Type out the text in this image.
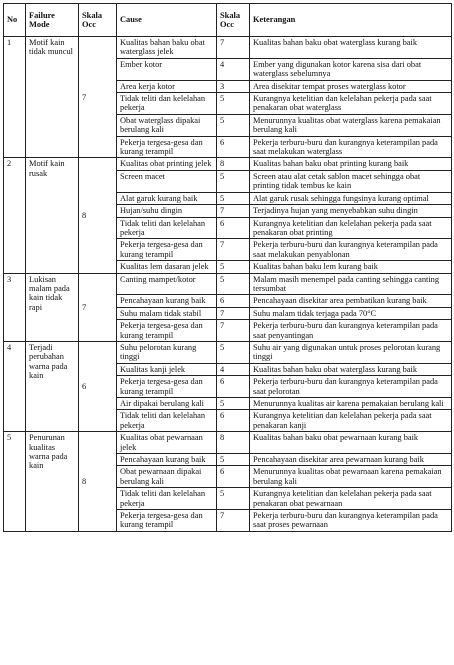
No	Failure Mode	Skala Occ	Cause	Skala Occ	Keterangan
1	Motif kain tidak muncul	7	Kualitas bahan baku obat waterglass jelek	7	Kualitas bahan baku obat waterglass kurang baik
			Ember kotor	4	Ember yang digunakan kotor karena sisa dari obat waterglass sebelumnya
			Area kerja kotor	3	Area disekitar tempat proses waterglass kotor
			Tidak teliti dan kelelahan pekerja	5	Kurangnya ketelitian dan kelelahan pekerja pada saat penakaran obat waterglass
			Obat waterglass dipakai berulang kali	5	Menurunnya kualitas obat waterglass karena pemakaian berulang kali
			Pekerja tergesa-gesa dan kurang terampil	6	Pekerja terburu-buru dan kurangnya keterampilan pada saat melakukan waterglass
2	Motif kain rusak	8	Kualitas obat printing jelek	8	Kualitas bahan baku obat printing kurang baik
			Screen macet	5	Screen atau alat cetak sablon macet sehingga obat printing tidak tembus ke kain
			Alat garuk kurang baik	5	Alat garuk rusak sehingga fungsinya kurang optimal
			Hujan/suhu dingin	7	Terjadinya hujan yang menyebabkan suhu dingin
			Tidak teliti dan kelelahan pekerja	6	Kurangnya ketelitian dan kelelahan pekerja pada saat penakaran obat printing
			Pekerja tergesa-gesa dan kurang terampil	7	Pekerja terburu-buru dan kurangnya keterampilan pada saat melakukan penyablonan
			Kualitas lem dasaran jelek	5	Kualitas bahan baku lem kurang baik
3	Lukisan malam pada kain tidak rapi	7	Canting mampet/kotor	5	Malam masih menempel pada canting sehingga canting tersumbat
			Pencahayaan kurang baik	6	Pencahayaan disekitar area pembatikan kurang baik
			Suhu malam tidak stabil	7	Suhu malam tidak terjaga pada 70°C
			Pekerja tergesa-gesa dan kurang terampil	7	Pekerja terburu-buru dan kurangnya keterampilan pada saat penyantingan
4	Terjadi perubahan warna pada kain	6	Suhu pelorotan kurang tinggi	5	Suhu air yang digunakan untuk proses pelorotan kurang tinggi
			Kualitas kanji jelek	4	Kualitas bahan baku obat waterglass kurang baik
			Pekerja tergesa-gesa dan kurang terampil	6	Pekerja terburu-buru dan kurangnya keterampilan pada saat pelorotan
			Air dipakai berulang kali	5	Menurunnya kualitas air karena pemakaian berulang kali
			Tidak teliti dan kelelahan pekerja	6	Kurangnya ketelitian dan kelelahan pekerja pada saat penakaran kanji
5	Penurunan kualitas warna pada kain	8	Kualitas obat pewarnaan jelek	8	Kualitas bahan baku obat pewarnaan kurang baik
			Pencahayaan kurang baik	5	Pencahayaan disekitar area pewarnaan kurang baik
			Obat pewarnaan dipakai berulang kali	6	Menurunnya kualitas obat pewarnaan karena pemakaian berulang kali
			Tidak teliti dan kelelahan pekerja	5	Kurangnya ketelitian dan kelelahan pekerja pada saat penakaran obat pewarnaan
			Pekerja tergesa-gesa dan kurang terampil	7	Pekerja terburu-buru dan kurangnya keterampilan pada saat proses pewarnaan
